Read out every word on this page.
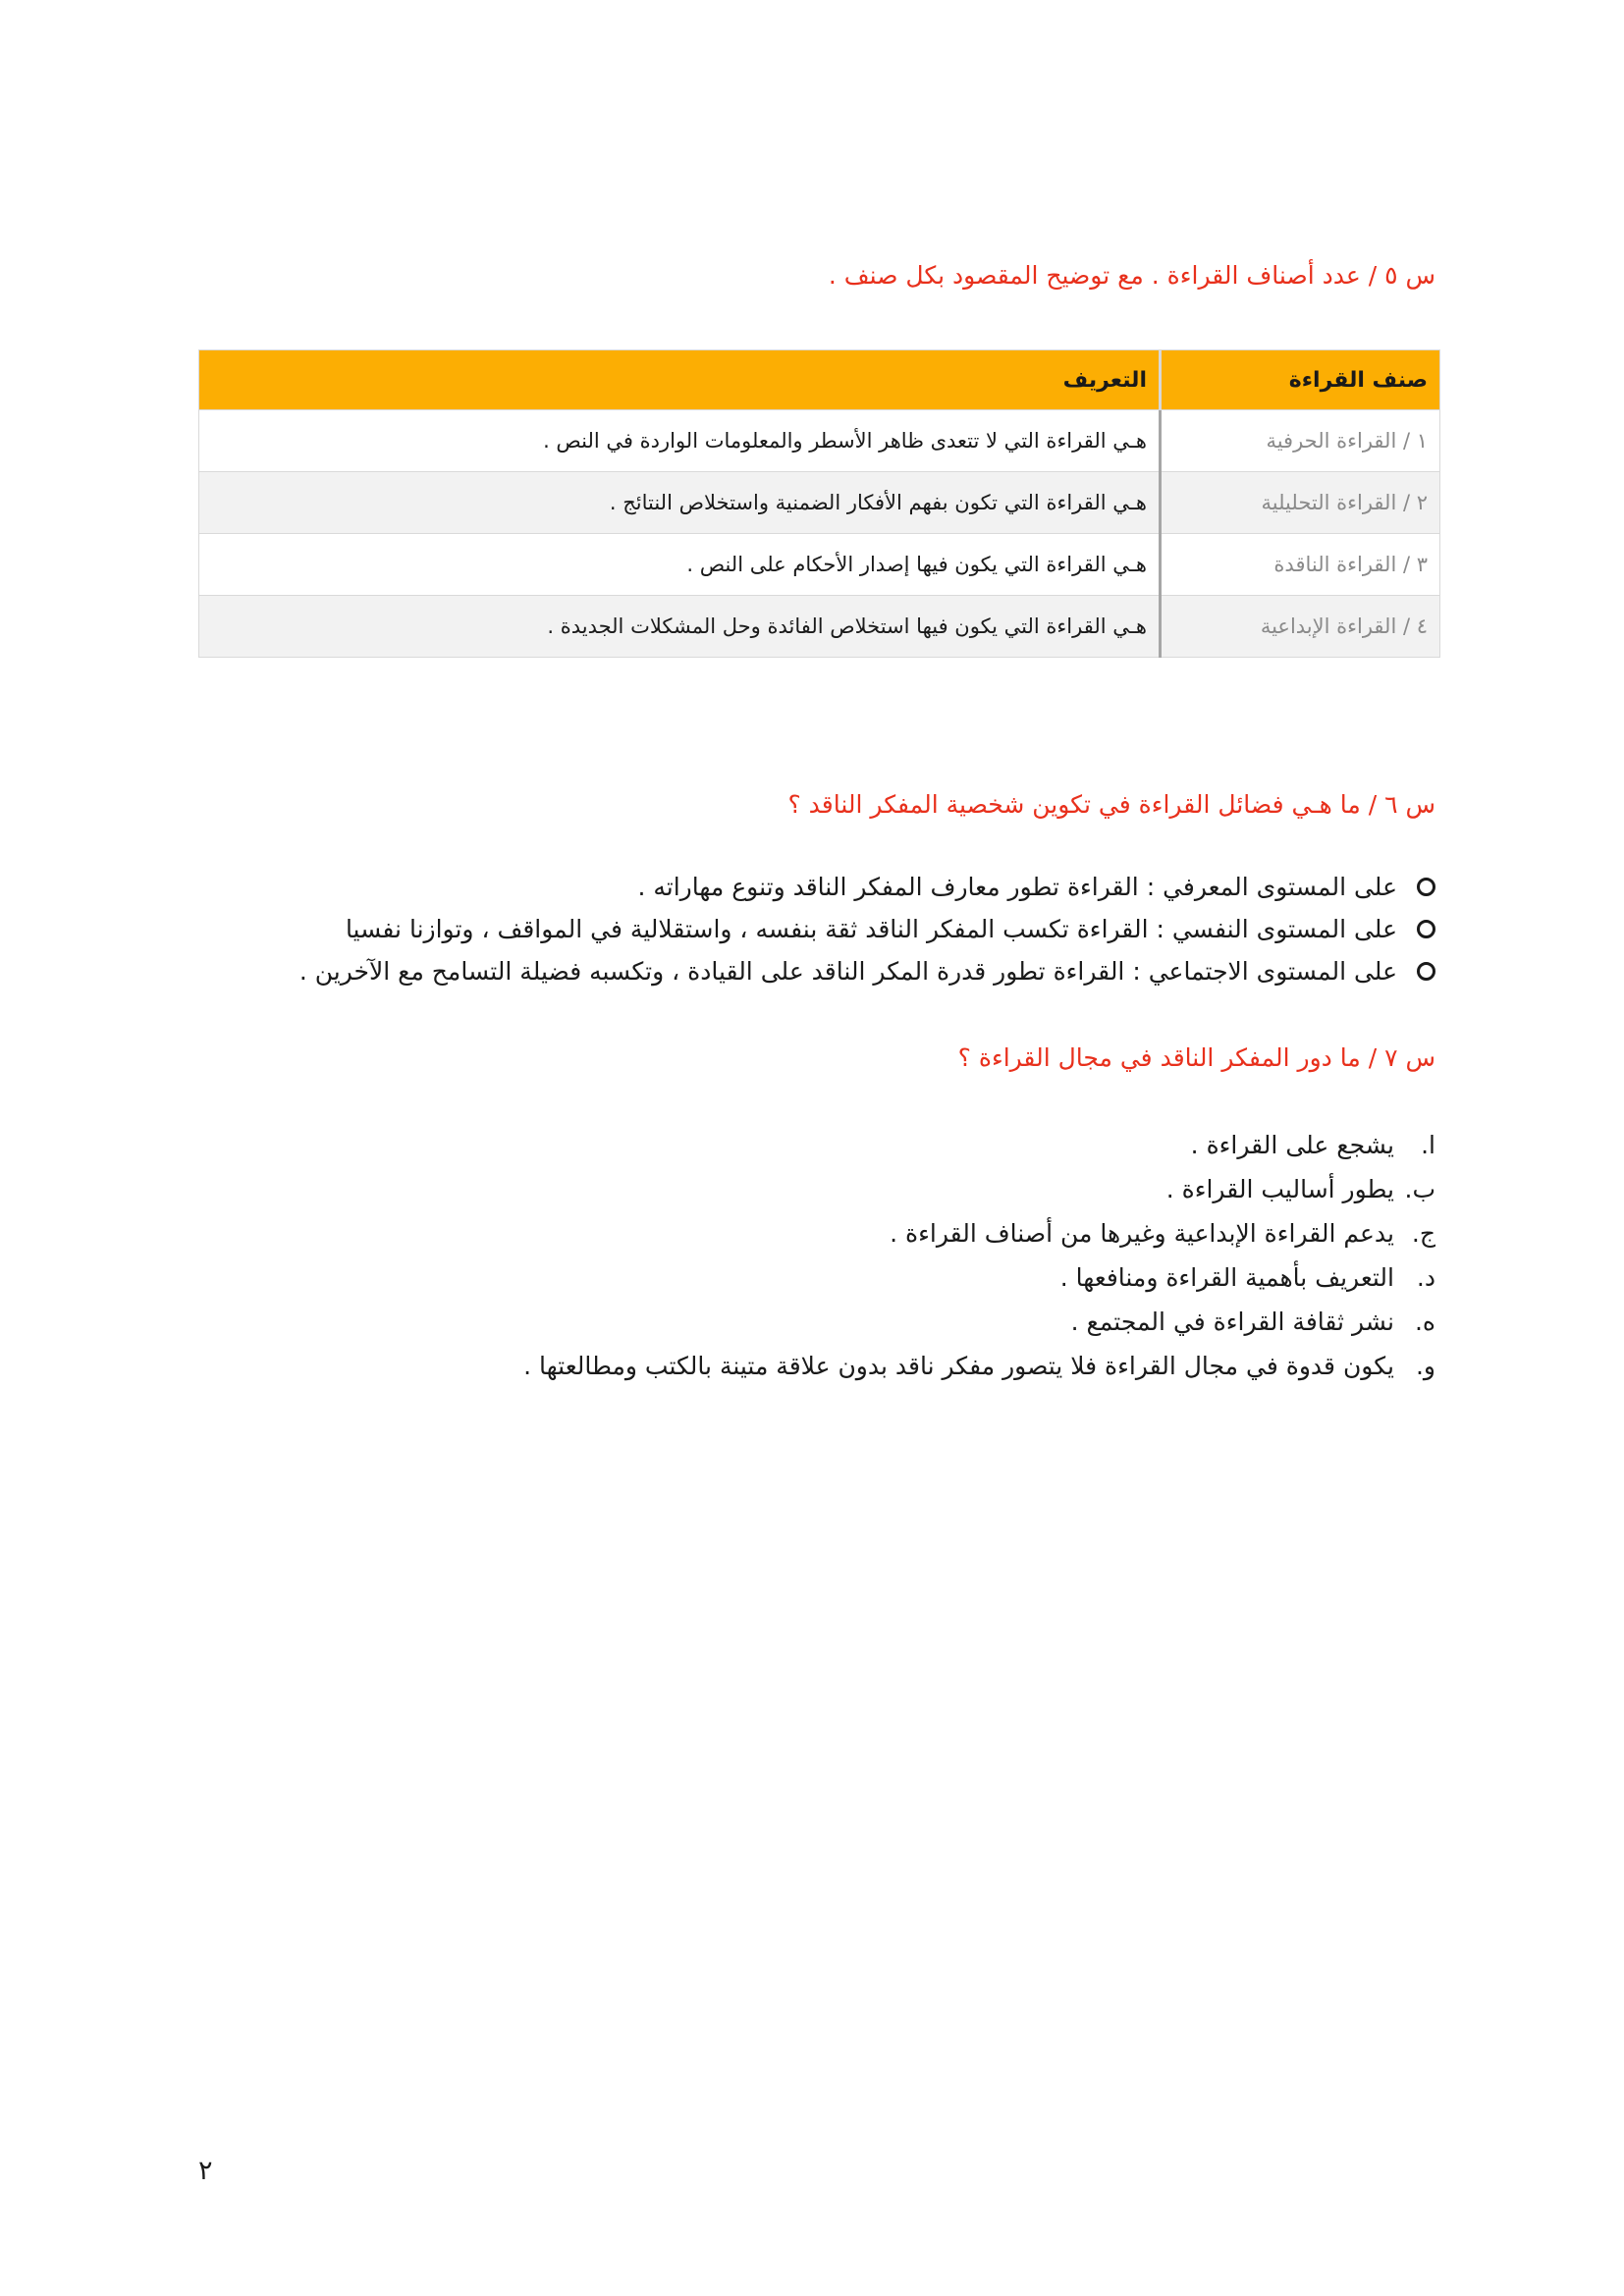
س ٥ / عدد أصناف القراءة . مع توضيح المقصود بكل صنف .
صنف القراءة	التعريف
١ / القراءة الحرفية	هـي القراءة التي لا تتعدى ظاهر الأسطر والمعلومات الواردة في النص .
٢ / القراءة التحليلية	هـي القراءة التي تكون بفهم الأفكار الضمنية واستخلاص النتائج .
٣ / القراءة الناقدة	هـي القراءة التي يكون فيها إصدار الأحكام على النص .
٤ / القراءة الإبداعية	هـي القراءة التي يكون فيها استخلاص الفائدة وحل المشكلات الجديدة .
س ٦ / ما هـي فضائل القراءة في تكوين شخصية المفكر الناقد ؟
على المستوى المعرفي : القراءة تطور معارف المفكر الناقد وتنوع مهاراته .
على المستوى النفسي : القراءة تكسب المفكر الناقد ثقة بنفسه ، واستقلالية في المواقف ، وتوازنا نفسيا
على المستوى الاجتماعي : القراءة تطور قدرة المكر الناقد على القيادة ، وتكسبه فضيلة التسامح مع الآخرين .
س ٧ / ما دور المفكر الناقد في مجال القراءة ؟
ا.
يشجع على القراءة .
ب.
يطور أساليب القراءة .
ج.
يدعم القراءة الإبداعية وغيرها من أصناف القراءة .
د.
التعريف بأهمية القراءة ومنافعها .
ه.
نشر ثقافة القراءة في المجتمع .
و.
يكون قدوة في مجال القراءة فلا يتصور مفكر ناقد بدون علاقة متينة بالكتب ومطالعتها .
٢
